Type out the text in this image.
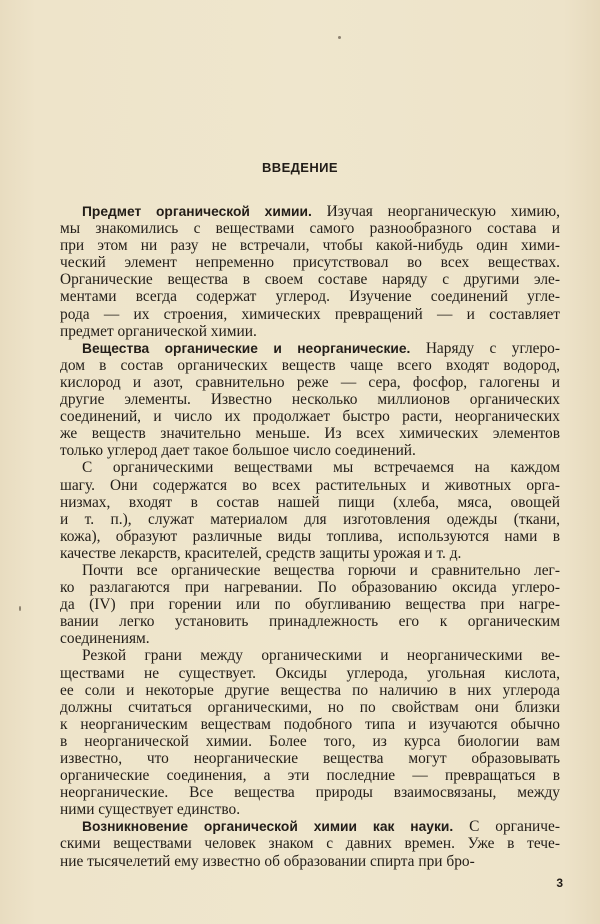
ВВЕДЕНИЕ
Предмет органической химии. Изучая неорганическую химию,
мы знакомились с веществами самого разнообразного состава и
при этом ни разу не встречали, чтобы какой-нибудь один хими-
ческий элемент непременно присутствовал во всех веществах.
Органические вещества в своем составе наряду с другими эле-
ментами всегда содержат углерод. Изучение соединений угле-
рода — их строения, химических превращений — и составляет
предмет органической химии.
Вещества органические и неорганические. Наряду с углеро-
дом в состав органических веществ чаще всего входят водород,
кислород и азот, сравнительно реже — сера, фосфор, галогены и
другие элементы. Известно несколько миллионов органических
соединений, и число их продолжает быстро расти, неорганических
же веществ значительно меньше. Из всех химических элементов
только углерод дает такое большое число соединений.
С органическими веществами мы встречаемся на каждом
шагу. Они содержатся во всех растительных и животных орга-
низмах, входят в состав нашей пищи (хлеба, мяса, овощей
и т. п.), служат материалом для изготовления одежды (ткани,
кожа), образуют различные виды топлива, используются нами в
качестве лекарств, красителей, средств защиты урожая и т. д.
Почти все органические вещества горючи и сравнительно лег-
ко разлагаются при нагревании. По образованию оксида углеро-
да (IV) при горении или по обугливанию вещества при нагре-
вании легко установить принадлежность его к органическим
соединениям.
Резкой грани между органическими и неорганическими ве-
ществами не существует. Оксиды углерода, угольная кислота,
ее соли и некоторые другие вещества по наличию в них углерода
должны считаться органическими, но по свойствам они близки
к неорганическим веществам подобного типа и изучаются обычно
в неорганической химии. Более того, из курса биологии вам
известно, что неорганические вещества могут образовывать
органические соединения, а эти последние — превращаться в
неорганические. Все вещества природы взаимосвязаны, между
ними существует единство.
Возникновение органической химии как науки. С органиче-
скими веществами человек знаком с давних времен. Уже в тече-
ние тысячелетий ему известно об образовании спирта при бро-
3
